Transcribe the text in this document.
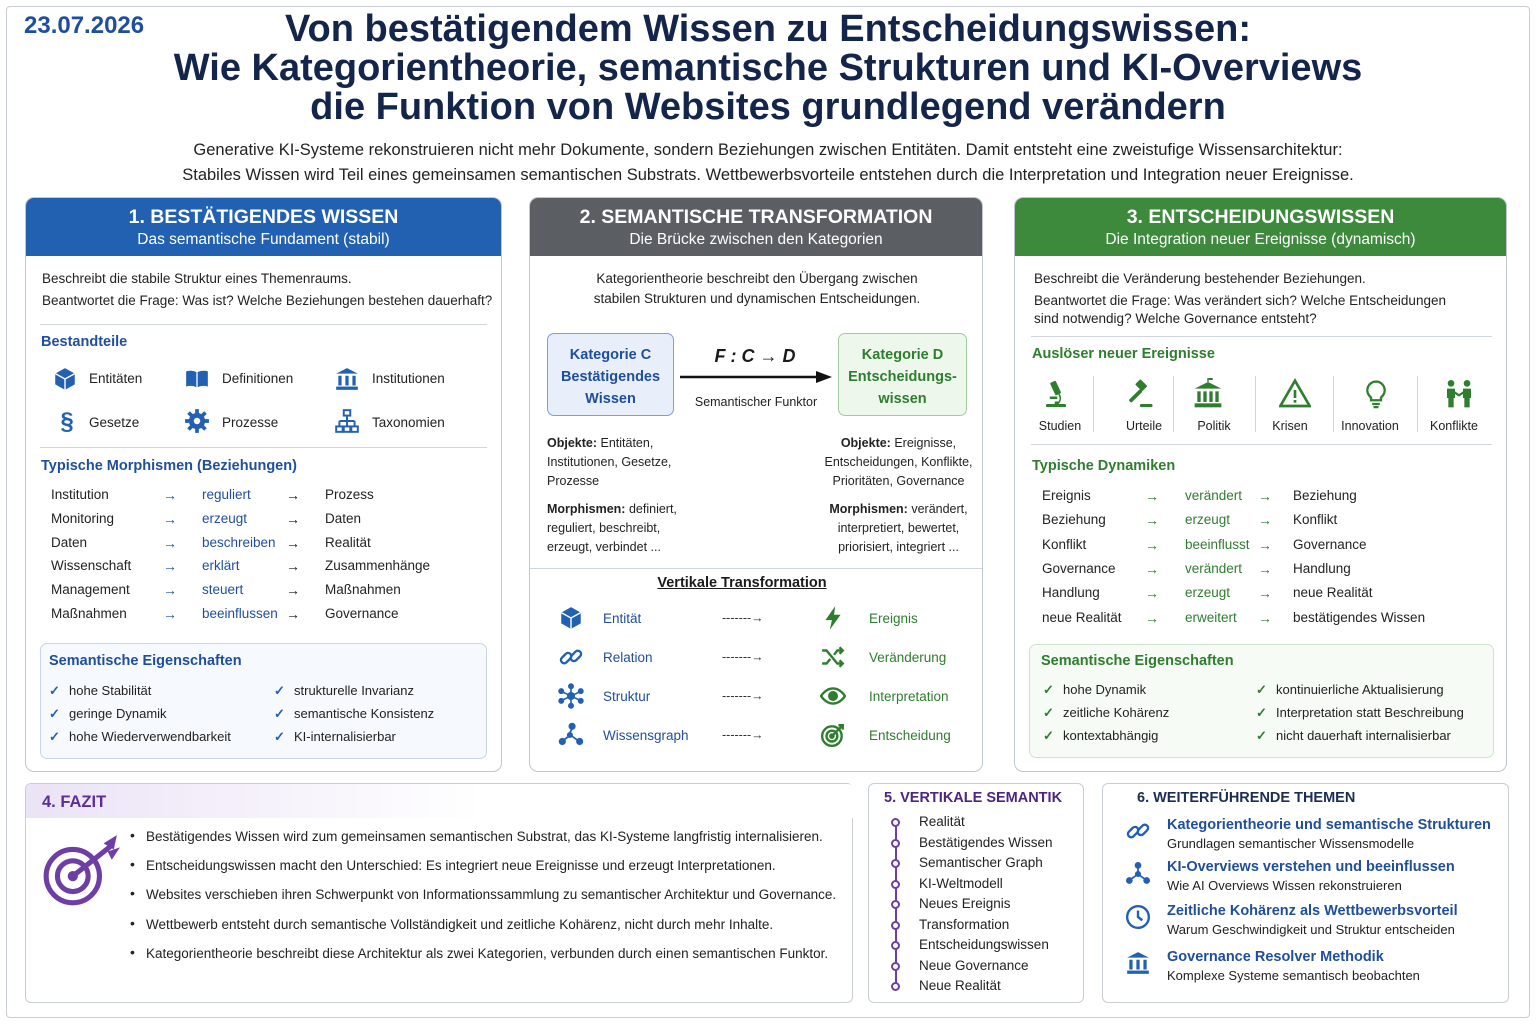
23.07.2026	Von bestätigendem Wissen zu Entscheidungswissen:
Wie Kategorientheorie, semantische Strukturen und KI-Overviews
die Funktion von Websites grundlegend verändern
Generative KI-Systeme rekonstruieren nicht mehr Dokumente, sondern Beziehungen zwischen Entitäten. Damit entsteht eine zweistufige Wissensarchitektur:
Stabiles Wissen wird Teil eines gemeinsamen semantischen Substrats. Wettbewerbsvorteile entstehen durch die Interpretation und Integration neuer Ereignisse.
1. BESTÄTIGENDES WISSEN
Das semantische Fundament (stabil)
Beschreibt die stabile Struktur eines Themenraums.
Beantwortet die Frage: Was ist? Welche Beziehungen bestehen dauerhaft?
Bestandteile
Entitäten	Definitionen	Institutionen
§	Gesetze	Prozesse	Taxonomien
Typische Morphismen (Beziehungen)
Institution	→ reguliert	→ Prozess
Monitoring	→ erzeugt	→ Daten
Daten	→ beschreiben → Realität
Wissenschaft → erklärt	→ Zusammenhänge
Management → steuert	→ Maßnahmen
Maßnahmen	→ beeinflussen → Governance
Semantische Eigenschaften
✓ hohe Stabilität	✓ strukturelle Invarianz
✓ geringe Dynamik	✓ semantische Konsistenz
✓ hohe Wiederverwendbarkeit	✓ KI-internalisierbar
2. SEMANTISCHE TRANSFORMATION
Die Brücke zwischen den Kategorien
Kategorientheorie beschreibt den Übergang zwischen
stabilen Strukturen und dynamischen Entscheidungen.
Kategorie C
Bestätigendes
Wissen
F : C → D
Semantischer Funktor
Kategorie D
Entscheidungs-
wissen
Objekte: Entitäten,
Institutionen, Gesetze,
Prozesse
Morphismen: definiert,
reguliert, beschreibt,
erzeugt, verbindet ...
Objekte: Ereignisse,
Entscheidungen, Konflikte,
Prioritäten, Governance
Morphismen: verändert,
interpretiert, bewertet,
priorisiert, integriert ...
Vertikale Transformation
Entität	-------→	Ereignis
Relation	-------→	Veränderung
Struktur	-------→	Interpretation
Wissensgraph	-------→	Entscheidung
3. ENTSCHEIDUNGSWISSEN
Die Integration neuer Ereignisse (dynamisch)
Beschreibt die Veränderung bestehender Beziehungen.
Beantwortet die Frage: Was verändert sich? Welche Entscheidungen
sind notwendig? Welche Governance entsteht?
Auslöser neuer Ereignisse
Studien	Urteile	Politik	Krisen	Innovation	Konflikte
Typische Dynamiken
Ereignis	→ verändert → Beziehung
Beziehung	→ erzeugt → Konflikt
Konflikt	→ beeinflusst → Governance
Governance → verändert → Handlung
Handlung	→ erzeugt → neue Realität
neue Realität → erweitert → bestätigendes Wissen
Semantische Eigenschaften
✓ hohe Dynamik	✓ kontinuierliche Aktualisierung
✓ zeitliche Kohärenz	✓ Interpretation statt Beschreibung
✓ kontextabhängig	✓ nicht dauerhaft internalisierbar
4. FAZIT
• Bestätigendes Wissen wird zum gemeinsamen semantischen Substrat, das KI-Systeme langfristig internalisieren.
• Entscheidungswissen macht den Unterschied: Es integriert neue Ereignisse und erzeugt Interpretationen.
• Websites verschieben ihren Schwerpunkt von Informationssammlung zu semantischer Architektur und Governance.
• Wettbewerb entsteht durch semantische Vollständigkeit und zeitliche Kohärenz, nicht durch mehr Inhalte.
• Kategorientheorie beschreibt diese Architektur als zwei Kategorien, verbunden durch einen semantischen Funktor.
5. VERTIKALE SEMANTIK
Realität
Bestätigendes Wissen
Semantischer Graph
KI-Weltmodell
Neues Ereignis
Transformation
Entscheidungswissen
Neue Governance
Neue Realität
6. WEITERFÜHRENDE THEMEN
Kategorientheorie und semantische Strukturen
Grundlagen semantischer Wissensmodelle
KI-Overviews verstehen und beeinflussen
Wie AI Overviews Wissen rekonstruieren
Zeitliche Kohärenz als Wettbewerbsvorteil
Warum Geschwindigkeit und Struktur entscheiden
Governance Resolver Methodik
Komplexe Systeme semantisch beobachten
